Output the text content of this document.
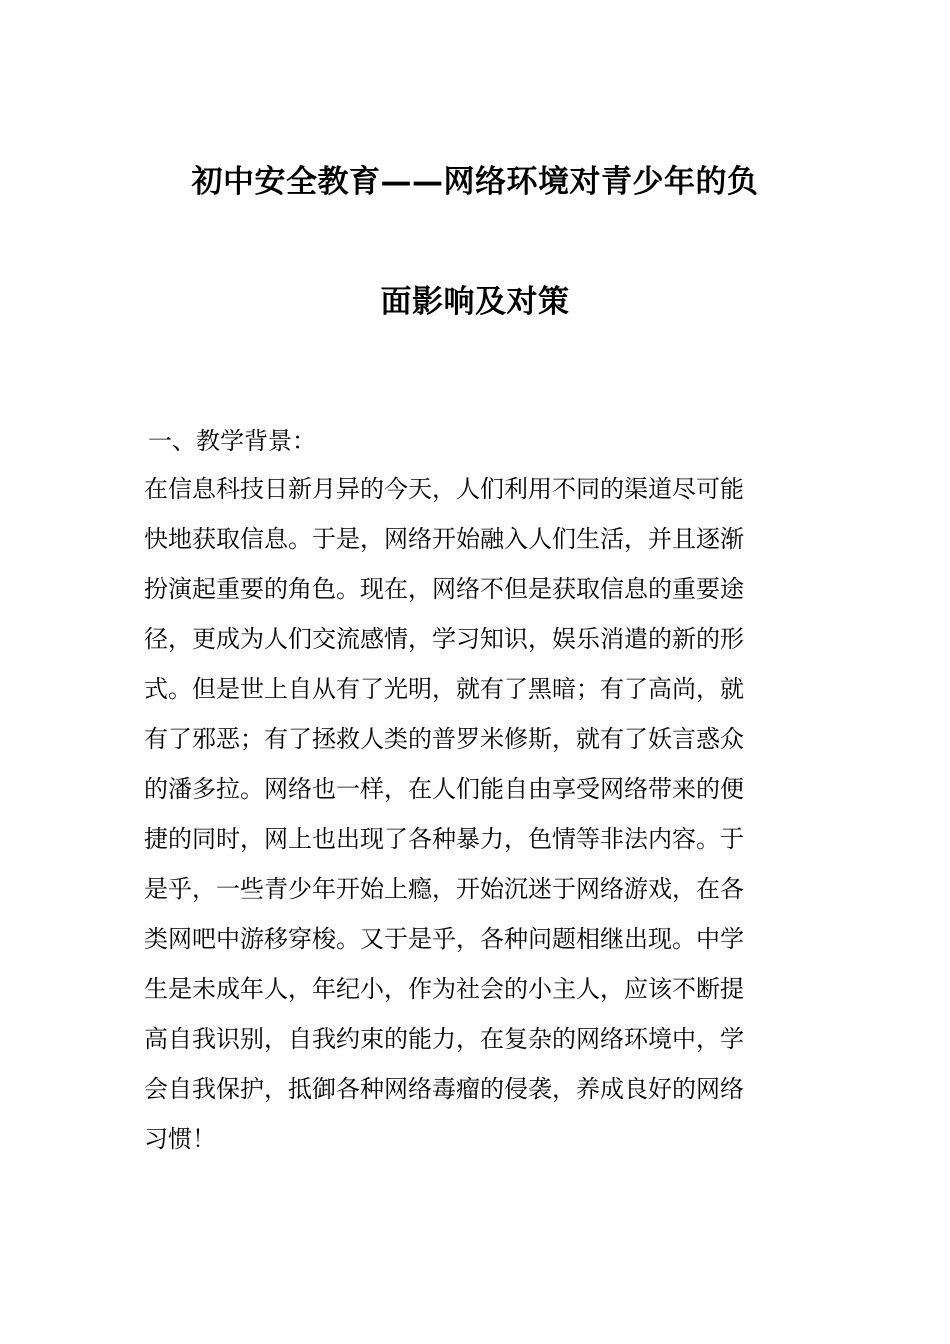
初中安全教育——网络环境对青少年的负
面影响及对策
一、教学背景：
在信息科技日新月异的今天，人们利用不同的渠道尽可能
快地获取信息。于是，网络开始融入人们生活，并且逐渐
扮演起重要的角色。现在，网络不但是获取信息的重要途
径，更成为人们交流感情，学习知识，娱乐消遣的新的形
式。但是世上自从有了光明，就有了黑暗；有了高尚，就
有了邪恶；有了拯救人类的普罗米修斯，就有了妖言惑众
的潘多拉。网络也一样，在人们能自由享受网络带来的便
捷的同时，网上也出现了各种暴力，色情等非法内容。于
是乎，一些青少年开始上瘾，开始沉迷于网络游戏，在各
类网吧中游移穿梭。又于是乎，各种问题相继出现。中学
生是未成年人，年纪小，作为社会的小主人，应该不断提
高自我识别，自我约束的能力，在复杂的网络环境中，学
会自我保护，抵御各种网络毒瘤的侵袭，养成良好的网络
习惯！
